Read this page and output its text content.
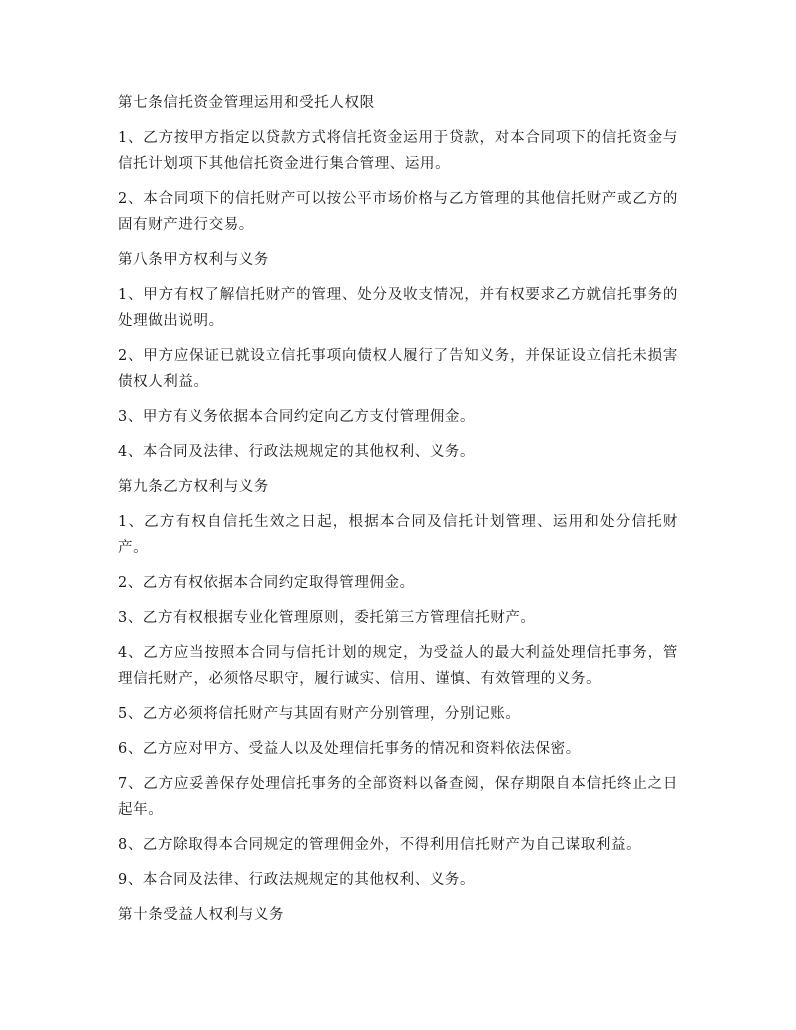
第七条信托资金管理运用和受托人权限
1、乙方按甲方指定以贷款方式将信托资金运用于贷款，对本合同项下的信托资金与信托计划项下其他信托资金进行集合管理、运用。
2、本合同项下的信托财产可以按公平市场价格与乙方管理的其他信托财产或乙方的固有财产进行交易。
第八条甲方权利与义务
1、甲方有权了解信托财产的管理、处分及收支情况，并有权要求乙方就信托事务的处理做出说明。
2、甲方应保证已就设立信托事项向债权人履行了告知义务，并保证设立信托未损害债权人利益。
3、甲方有义务依据本合同约定向乙方支付管理佣金。
4、本合同及法律、行政法规规定的其他权利、义务。
第九条乙方权利与义务
1、乙方有权自信托生效之日起，根据本合同及信托计划管理、运用和处分信托财产。
2、乙方有权依据本合同约定取得管理佣金。
3、乙方有权根据专业化管理原则，委托第三方管理信托财产。
4、乙方应当按照本合同与信托计划的规定，为受益人的最大利益处理信托事务，管理信托财产，必须恪尽职守，履行诚实、信用、谨慎、有效管理的义务。
5、乙方必须将信托财产与其固有财产分别管理，分别记账。
6、乙方应对甲方、受益人以及处理信托事务的情况和资料依法保密。
7、乙方应妥善保存处理信托事务的全部资料以备查阅，保存期限自本信托终止之日起年。
8、乙方除取得本合同规定的管理佣金外，不得利用信托财产为自己谋取利益。
9、本合同及法律、行政法规规定的其他权利、义务。
第十条受益人权利与义务
